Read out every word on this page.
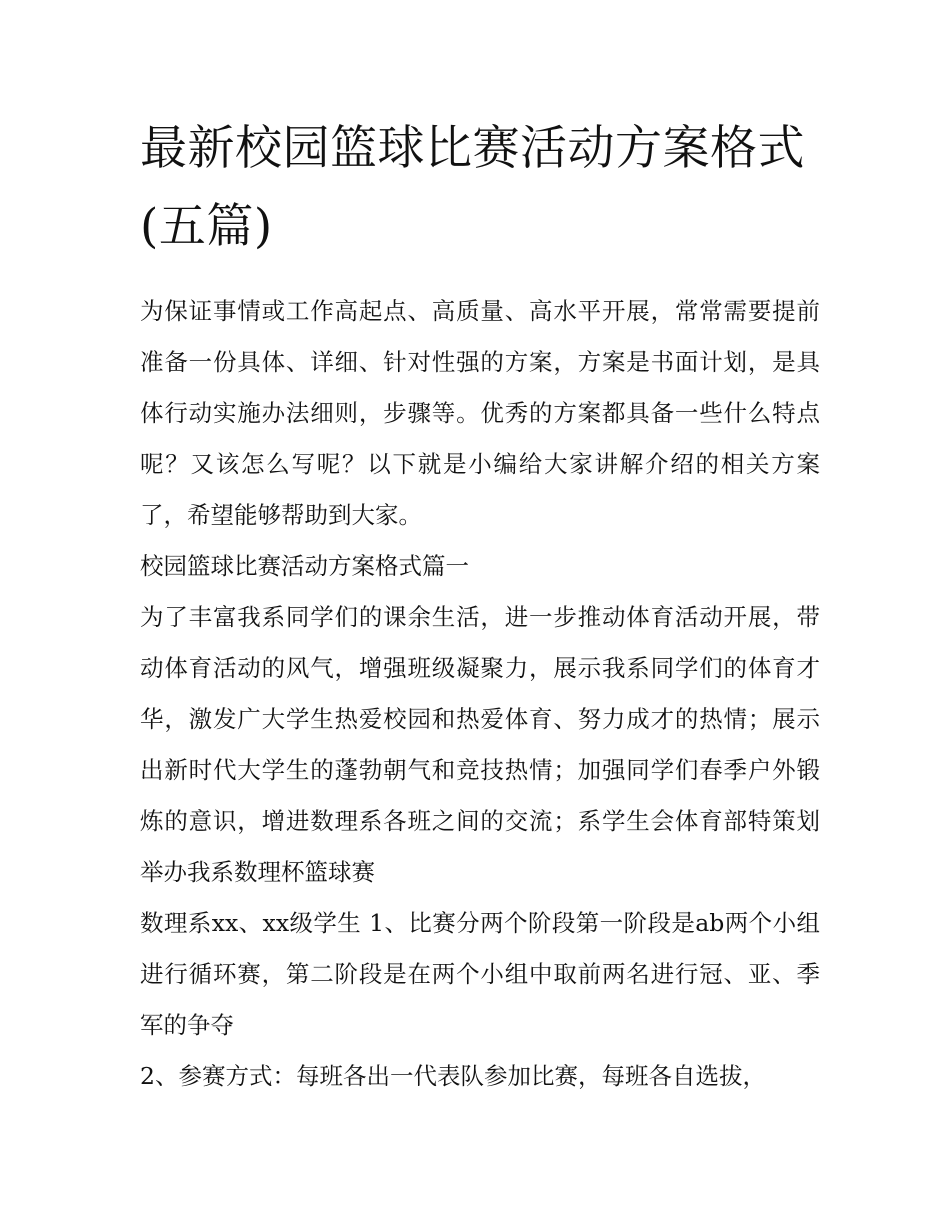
最新校园篮球比赛活动方案格式(五篇)

为保证事情或工作高起点、高质量、高水平开展，常常需要提前准备一份具体、详细、针对性强的方案，方案是书面计划，是具体行动实施办法细则，步骤等。优秀的方案都具备一些什么特点呢？又该怎么写呢？以下就是小编给大家讲解介绍的相关方案了，希望能够帮助到大家。

校园篮球比赛活动方案格式篇一

为了丰富我系同学们的课余生活，进一步推动体育活动开展，带动体育活动的风气，增强班级凝聚力，展示我系同学们的体育才华，激发广大学生热爱校园和热爱体育、努力成才的热情；展示出新时代大学生的蓬勃朝气和竞技热情；加强同学们春季户外锻炼的意识，增进数理系各班之间的交流；系学生会体育部特策划举办我系数理杯篮球赛

数理系xx、xx级学生 1、比赛分两个阶段第一阶段是ab两个小组进行循环赛，第二阶段是在两个小组中取前两名进行冠、亚、季军的争夺

2、参赛方式：每班各出一代表队参加比赛，每班各自选拔，
